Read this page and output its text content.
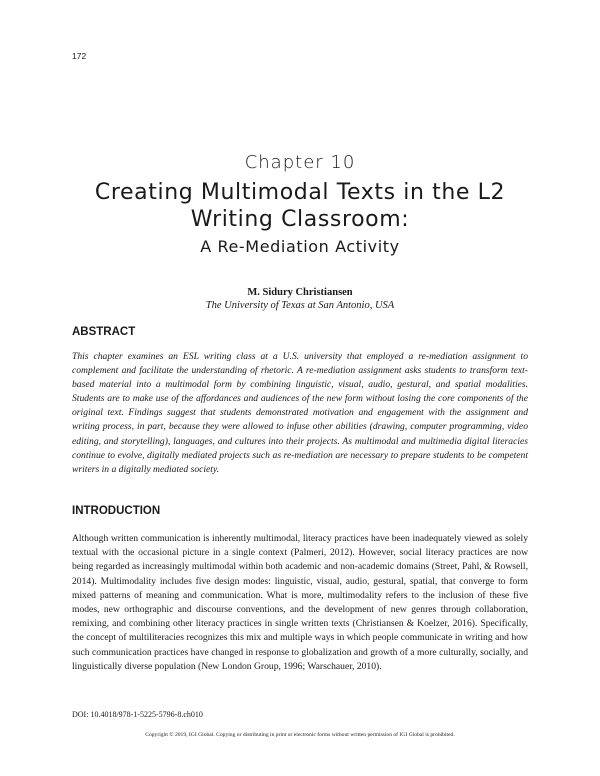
172
Chapter 10
Creating Multimodal Texts in the L2 Writing Classroom:
A Re-Mediation Activity
M. Sidury Christiansen
The University of Texas at San Antonio, USA
ABSTRACT
This chapter examines an ESL writing class at a U.S. university that employed a re-mediation assignment to complement and facilitate the understanding of rhetoric. A re-mediation assignment asks students to transform text-based material into a multimodal form by combining linguistic, visual, audio, gestural, and spatial modalities. Students are to make use of the affordances and audiences of the new form without losing the core components of the original text. Findings suggest that students demonstrated motivation and engagement with the assignment and writing process, in part, because they were allowed to infuse other abilities (drawing, computer programming, video editing, and storytelling), languages, and cultures into their projects. As multimodal and multimedia digital literacies continue to evolve, digitally mediated projects such as re-mediation are necessary to prepare students to be competent writers in a digitally mediated society.
INTRODUCTION
Although written communication is inherently multimodal, literacy practices have been inadequately viewed as solely textual with the occasional picture in a single context (Palmeri, 2012). However, social literacy practices are now being regarded as increasingly multimodal within both academic and non-academic domains (Street, Pahl, & Rowsell, 2014). Multimodality includes five design modes: linguistic, visual, audio, gestural, spatial, that converge to form mixed patterns of meaning and communication. What is more, multimodality refers to the inclusion of these five modes, new orthographic and discourse conventions, and the development of new genres through collaboration, remixing, and combining other literacy practices in single written texts (Christiansen & Koelzer, 2016). Specifically, the concept of multiliteracies recognizes this mix and multiple ways in which people communicate in writing and how such communication practices have changed in response to globalization and growth of a more culturally, socially, and linguistically diverse population (New London Group, 1996; Warschauer, 2010).
DOI: 10.4018/978-1-5225-5796-8.ch010
Copyright © 2019, IGI Global. Copying or distributing in print or electronic forms without written permission of IGI Global is prohibited.
